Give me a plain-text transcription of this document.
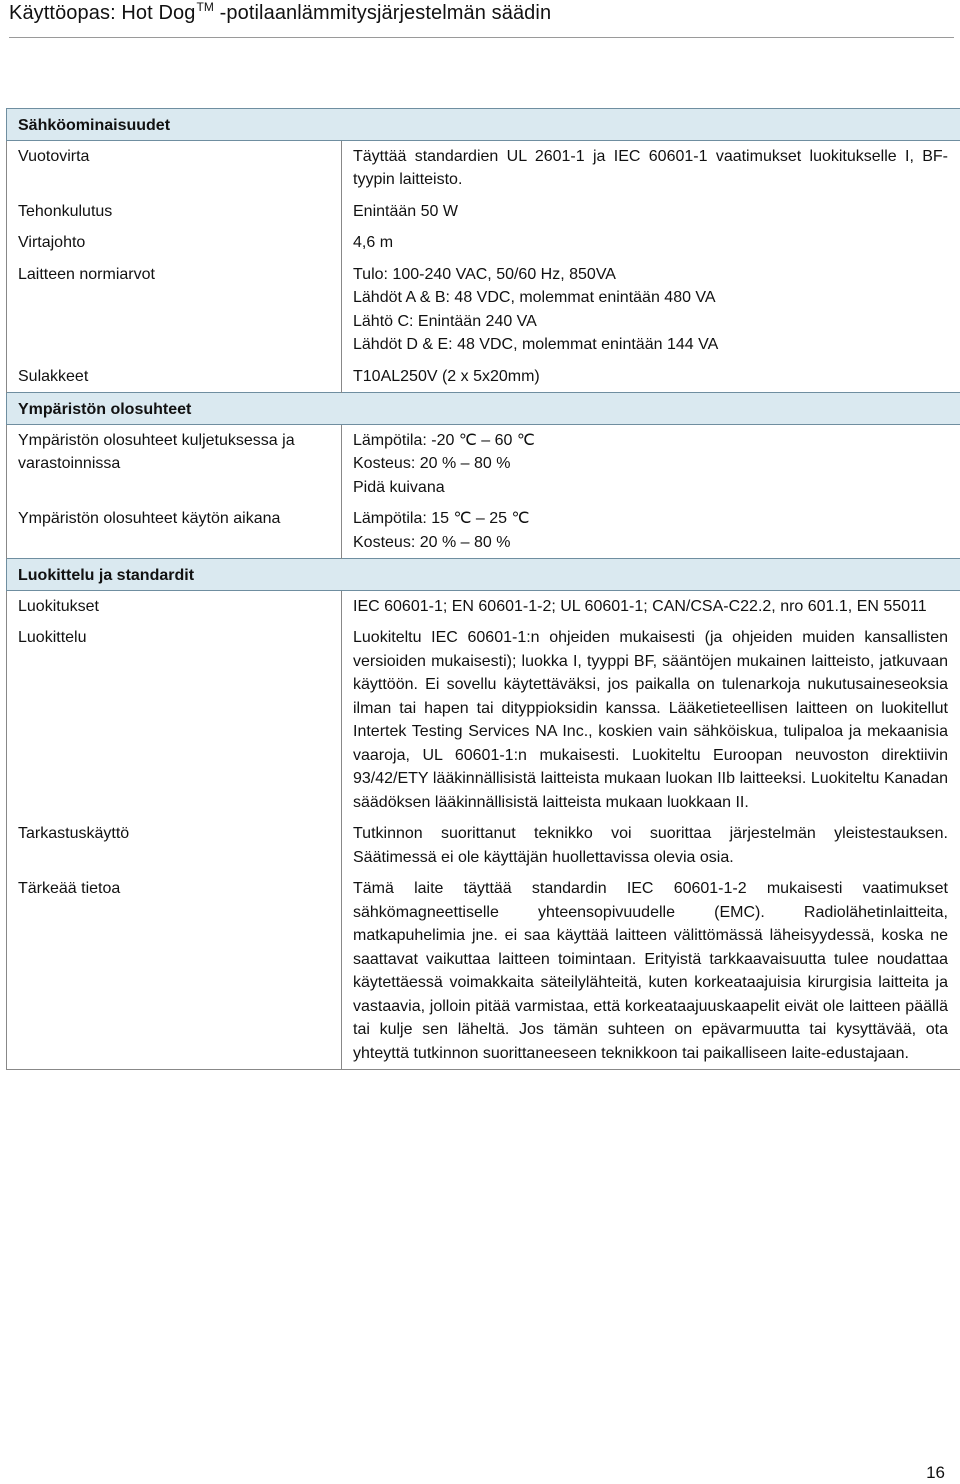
Käyttöopas: Hot Dog™ -potilaanlämmitysjärjestelmän säädin
Sähköominaisuudet	

Vuotovirta	Täyttää standardien UL 2601-1 ja IEC 60601-1 vaatimukset luokitukselle I, BF-tyypin laitteisto.

Tehonkulutus	Enintään 50 W

Virtajohto	4,6 m

Laitteen normiarvot	Tulo: 100-240 VAC, 50/60 Hz, 850VA
Lähdöt A & B: 48 VDC, molemmat enintään 480 VA
Lähtö C: Enintään 240 VA
Lähdöt D & E: 48 VDC, molemmat enintään 144 VA

Sulakkeet	T10AL250V (2 x 5x20mm)

Ympäristön olosuhteet	

Ympäristön olosuhteet kuljetuksessa ja varastoinnissa	Lämpötila: -20 ℃ – 60 ℃
Kosteus: 20 % – 80 %
Pidä kuivana

Ympäristön olosuhteet käytön aikana	Lämpötila: 15 ℃ – 25 ℃
Kosteus: 20 % – 80 %

Luokittelu ja standardit	

Luokitukset	IEC 60601-1; EN 60601-1-2; UL 60601-1; CAN/CSA-C22.2, nro 601.1, EN 55011

Luokittelu	Luokiteltu IEC 60601-1:n ohjeiden mukaisesti (ja ohjeiden muiden kansallisten versioiden mukaisesti); luokka I, tyyppi BF, sääntöjen mukainen laitteisto, jatkuvaan käyttöön. Ei sovellu käytettäväksi, jos paikalla on tulenarkoja nukutusaineseoksia ilman tai hapen tai dityppioksidin kanssa. Lääketieteellisen laitteen on luokitellut Intertek Testing Services NA Inc., koskien vain sähköiskua, tulipaloa ja mekaanisia vaaroja, UL 60601-1:n mukaisesti. Luokiteltu Euroopan neuvoston direktiivin 93/42/ETY lääkinnällisistä laitteista mukaan luokan IIb laitteeksi. Luokiteltu Kanadan säädöksen lääkinnällisistä laitteista mukaan luokkaan II.

Tarkastuskäyttö	Tutkinnon suorittanut teknikko voi suorittaa järjestelmän yleistestauksen. Säätimessä ei ole käyttäjän huollettavissa olevia osia.

Tärkeää tietoa	Tämä laite täyttää standardin IEC 60601-1-2 mukaisesti vaatimukset sähkömagneettiselle yhteensopivuudelle (EMC). Radiolähetinlaitteita, matkapuhelimia jne. ei saa käyttää laitteen välittömässä läheisyydessä, koska ne saattavat vaikuttaa laitteen toimintaan. Erityistä tarkkaavaisuutta tulee noudattaa käytettäessä voimakkaita säteilylähteitä, kuten korkeataajuisia kirurgisia laitteita ja vastaavia, jolloin pitää varmistaa, että korkeataajuuskaapelit eivät ole laitteen päällä tai kulje sen läheltä. Jos tämän suhteen on epävarmuutta tai kysyttävää, ota yhteyttä tutkinnon suorittaneeseen teknikkoon tai paikalliseen laite-edustajaan.
16
